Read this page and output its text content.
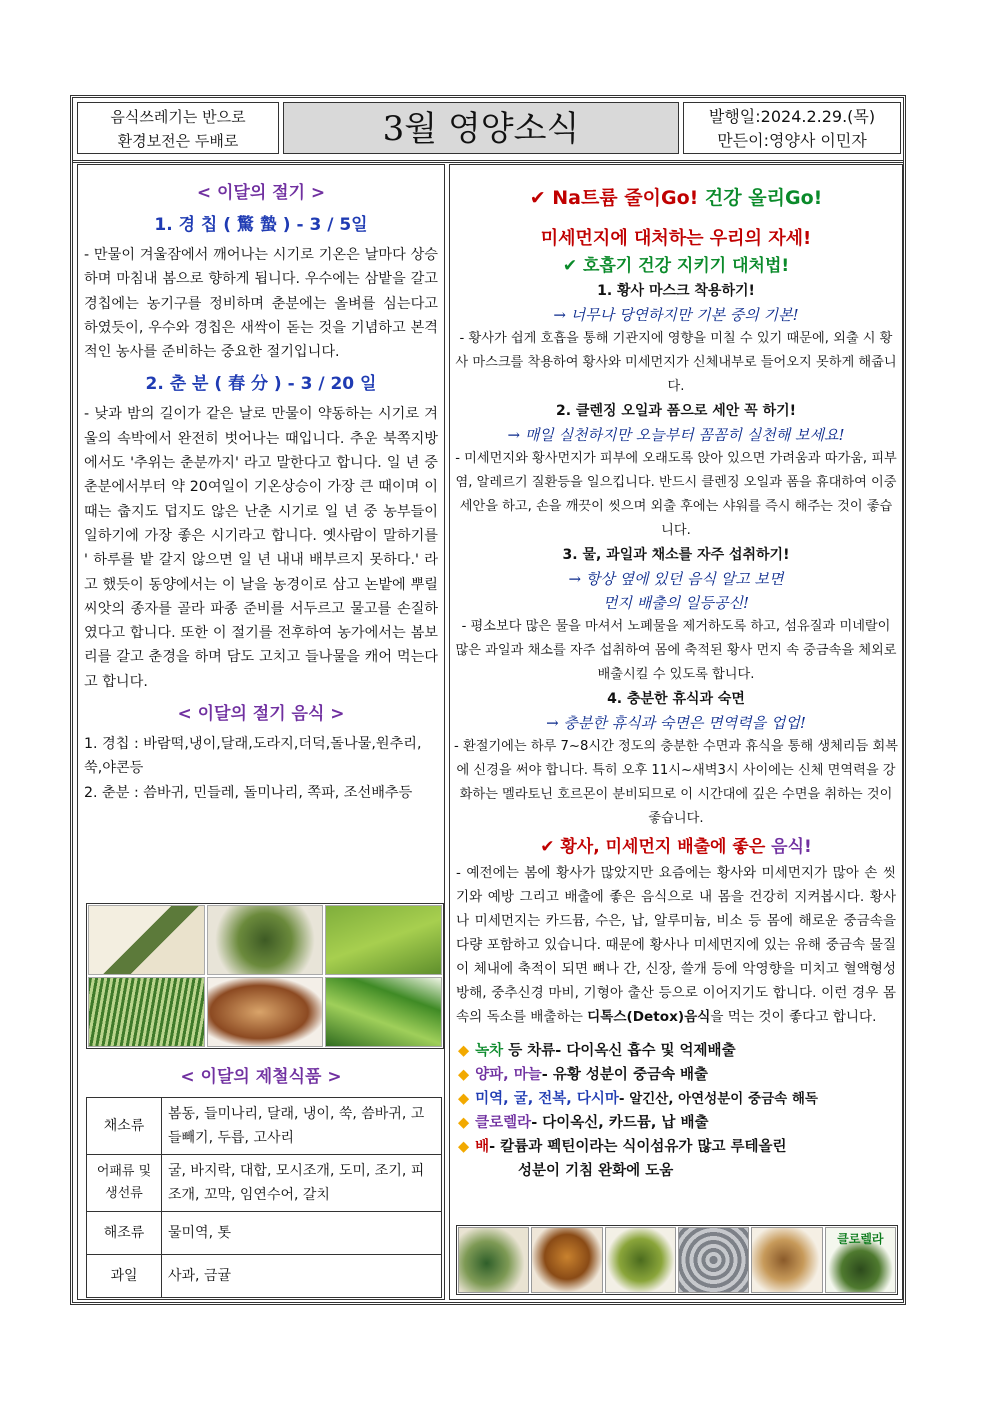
음식쓰레기는 반으로
환경보전은 두배로	3월 영양소식	발행일:2024.2.29.(목)
만든이:영양사 이민자
< 이달의 절기 >
1. 경 칩 ( 驚 蟄 ) - 3 / 5일
- 만물이 겨울잠에서 깨어나는 시기로 기온은 날마다 상승하며 마침내 봄으로 향하게 됩니다. 우수에는 삼밭을 갈고 경칩에는 농기구를 정비하며 춘분에는 올벼를 심는다고 하였듯이, 우수와 경칩은 새싹이 돋는 것을 기념하고 본격적인 농사를 준비하는 중요한 절기입니다.
2. 춘 분 ( 春 分 ) - 3 / 20 일
- 낮과 밤의 길이가 같은 날로 만물이 약동하는 시기로 겨울의 속박에서 완전히 벗어나는 때입니다. 추운 북쪽지방에서도 '추위는 춘분까지' 라고 말한다고 합니다. 일 년 중 춘분에서부터 약 20여일이 기온상승이 가장 큰 때이며 이때는 춥지도 덥지도 않은 난춘 시기로 일 년 중 농부들이 일하기에 가장 좋은 시기라고 합니다. 옛사람이 말하기를 ' 하루를 밭 갈지 않으면 일 년 내내 배부르지 못하다.' 라고 했듯이 동양에서는 이 날을 농경이로 삼고 논밭에 뿌릴 씨앗의 종자를 골라 파종 준비를 서두르고 물고를 손질하였다고 합니다. 또한 이 절기를 전후하여 농가에서는 봄보리를 갈고 춘경을 하며 담도 고치고 들나물을 캐어 먹는다고 합니다.
< 이달의 절기 음식 >
1. 경칩 : 바람떡,냉이,달래,도라지,더덕,돌나물,원추리,쑥,야콘등
2. 춘분 : 씀바귀, 민들레, 돌미나리, 쪽파, 조선배추등
< 이달의 제철식품 >
채소류	봄동, 들미나리, 달래, 냉이, 쑥, 씀바귀, 고들빼기, 두릅, 고사리
어패류 및 생선류	굴, 바지락, 대합, 모시조개, 도미, 조기, 피조개, 꼬막, 임연수어, 갈치
해조류	물미역, 톳
과일	사과, 금귤
✔ Na트륨 줄이Go! 건강 올리Go!
미세먼지에 대처하는 우리의 자세!
✔ 호흡기 건강 지키기 대처법!
1. 황사 마스크 착용하기!
→ 너무나 당연하지만 기본 중의 기본!
- 황사가 쉽게 호흡을 통해 기관지에 영향을 미칠 수 있기 때문에, 외출 시 황사 마스크를 착용하여 황사와 미세먼지가 신체내부로 들어오지 못하게 해줍니다.
2. 클렌징 오일과 폼으로 세안 꼭 하기!
→ 매일 실천하지만 오늘부터 꼼꼼히 실천해 보세요!
- 미세먼지와 황사먼지가 피부에 오래도록 앉아 있으면 가려움과 따가움, 피부염, 알레르기 질환등을 일으킵니다. 반드시 클렌징 오일과 폼을 휴대하여 이중 세안을 하고, 손을 깨끗이 씻으며 외출 후에는 샤워를 즉시 해주는 것이 좋습니다.
3. 물, 과일과 채소를 자주 섭취하기!
→ 항상 옆에 있던 음식 알고 보면
먼지 배출의 일등공신!
- 평소보다 많은 물을 마셔서 노폐물을 제거하도록 하고, 섬유질과 미네랄이 많은 과일과 채소를 자주 섭취하여 몸에 축적된 황사 먼지 속 중금속을 체외로 배출시킬 수 있도록 합니다.
4. 충분한 휴식과 숙면
→ 충분한 휴식과 숙면은 면역력을 업업!
- 환절기에는 하루 7~8시간 정도의 충분한 수면과 휴식을 통해 생체리듬 회복에 신경을 써야 합니다. 특히 오후 11시~새벽3시 사이에는 신체 면역력을 강화하는 멜라토닌 호르몬이 분비되므로 이 시간대에 깊은 수면을 취하는 것이 좋습니다.
✔ 황사, 미세먼지 배출에 좋은 음식!
- 예전에는 봄에 황사가 많았지만 요즘에는 황사와 미세먼지가 많아 손 씻기와 예방 그리고 배출에 좋은 음식으로 내 몸을 건강히 지켜봅시다. 황사나 미세먼지는 카드뮴, 수은, 납, 알루미늄, 비소 등 몸에 해로운 중금속을 다량 포함하고 있습니다. 때문에 황사나 미세먼지에 있는 유해 중금속 물질이 체내에 축적이 되면 뼈나 간, 신장, 쓸개 등에 악영향을 미치고 혈액형성 방해, 중추신경 마비, 기형아 출산 등으로 이어지기도 합니다. 이런 경우 몸속의 독소를 배출하는 디톡스(Detox)음식을 먹는 것이 좋다고 합니다.
◆ 녹차 등 차류- 다이옥신 흡수 및 억제배출
◆ 양파, 마늘- 유황 성분이 중금속 배출
◆ 미역, 굴, 전복, 다시마- 알긴산, 아연성분이 중금속 해독
◆ 클로렐라- 다이옥신, 카드뮴, 납 배출
◆ 배- 칼륨과 펙틴이라는 식이섬유가 많고 루테올린
성분이 기침 완화에 도움
클로렐라
